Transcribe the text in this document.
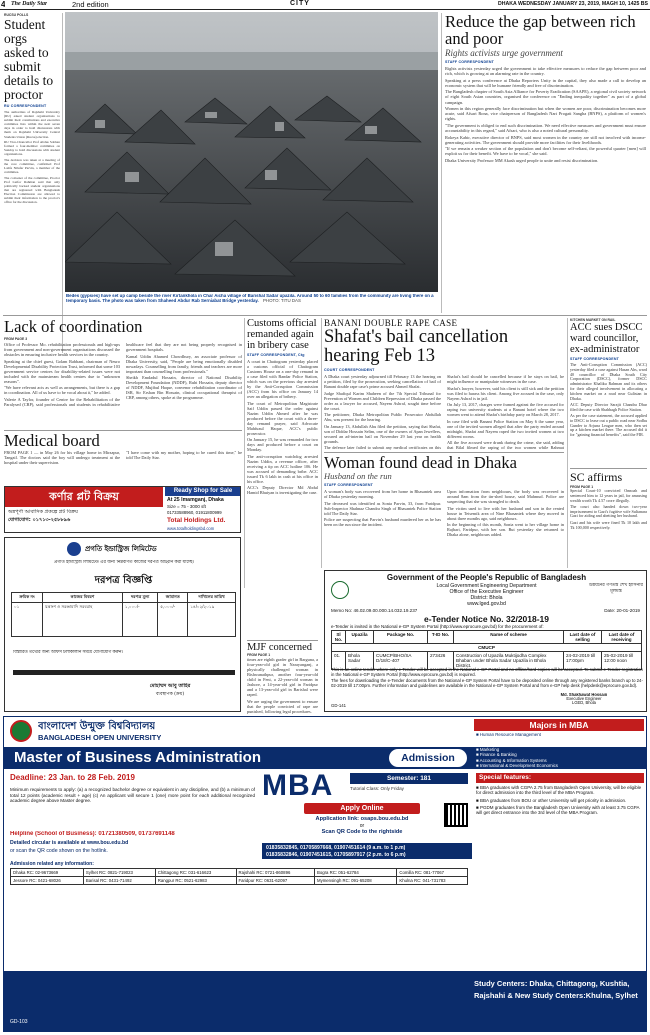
4 The Daily Star	2nd edition	CITY	DHAKA WEDNESDAY JANUARY 23, 2019, MAGH 10, 1425 BS
RUCSU POLLS
Student orgs asked to submit details to proctor
RU CORRESPONDENT

The authorities of Rajshahi University (RU) asked student organisations to submit their constitutions and executive committee lists within the next seven days in order to hold discussions with them on Rajshahi University Central Students Union (Rucsu) election.

RU Vice-Chancellor Prof Abdus Sobhan formed a four-member committee on Sunday to hold discussions with student organisations.

The decision was taken at a meeting of the core committee, confirmed Prof Latifa Nilufar Parvin, a member of the committee.

The convener of the committee, Proctor Prof Lutfor Rahman said that only politically backed student organisations that are registered with Bangladesh Election Commission are allowed to submit their information to the proctor's office for the discussion.

Bedes (gypsies) have set up camp beside the river Kirtankhola in Char Aicha village of Barishal Sadar upazila. Around 50 to 60 families from the community are living there on a temporary basis. The photo was taken from Shaheed Abdur Rab Serniabat Bridge yesterday. PHOTO: TITU DAS
Reduce the gap between rich and poor
Rights activists urge government
STAFF CORRESPONDENT

Rights activists yesterday urged the government to take effective measures to reduce the gap between poor and rich, which is growing at an alarming rate in the country.

Speaking at a press conference at Dhaka Reporters Unity in the capital, they also made a call to develop an economic system that will be humane friendly and free of discrimination.

The Bangladesh chapter of South Asia Alliance for Poverty Eradication (SAAPE), a regional civil society network of eight South Asian countries, organised the conference on "Ending inequality together" as part of a global campaign.

Women in this region generally face discrimination but when the women are poor, discrimination becomes more acute, said Afsari Rona, vice chairperson of Bangladesh Nari Progati Sangha (BNPS), a platform of women's rights.

"The government is obliged to end such discrimination. We need effective measures and government must ensure accountability in this regard," said Afsari, who is also a noted cultural personality.

Rokeya Kabir, executive director of BNPS, said most women in the country are still not involved with income-generating activities. The government should provide more facilities for their livelihoods.

"If we remain a weaker section of the population and don't become self-reliant, the powerful quarter [men] will exploit us for their benefit. We have to be vocal," she said.

Dhaka University Professor MM Akash urged people to unite and resist discrimination.

Lack of coordination
FROM PAGE 3

Office of Professor Mo. rehabilitation professionals and high-ups from government and non-government organisations discussed the obstacles in ensuring inclusive health services in the country.

Speaking at the chief guest, Golam Rabbani, chairman of Neuro Developmental Disability Protection Trust, informed that some 103 government service centres for disability-related issues were not included with the mainstream health centres due to "unknown reasons".

"We have relevant acts as well as arrangements, but there is a gap in coordination. All of us have to be vocal about it," he added.

Valerie A Taylor, founder of Centre for the Rehabilitation of the Paralysed (CRP), said professionals and students in rehabilitative healthcare feel that they are not being properly recognised in government hospitals.

Kamal Uddin Ahamed Chowdhury, an associate professor of Dhaka University, said, "People are being emotionally disabled nowadays. Counselling from family, friends and teachers are more important than counselling from professionals."

Sheikh Emdadul Hossain, director of National Disability Development Foundation (NDDF), Ruhi Hossain, deputy director of NDDF, Mujibul Haque, convenor rehabilitation coordinator of ISR, Sir Ershan Bin Hossain, clinical occupational therapist of CRP, among others, spoke at the programme.

Medical board

FROM PAGE 1 — in May 26 for his village home in Mirzapur, Tangail. The doctors said the boy will undergo treatment at the hospital under their supervision.

"I have come with my mother, hoping to be cured this time," he told The Daily Star.

Customs official remanded again in bribery case
STAFF CORRESPONDENT, Ctg

A court in Chattogram yesterday placed a customs official of Chattogram Customs House on a one-day remand in a case filed with Bandar Police Station, which was on the previous day arrested by the Anti-Corruption Commission (ACC) from his office on January 14 over an allegation of bribery.

The court of Metropolitan Magistrate Saif Uddin passed the order against Nazim Uddin Ahmed after he was produced before the court with a three-day remand prayer, said Advocate Mahfuzul Haque, ACC's public prosecutor.

On January 15, he was remanded for two days and produced before a court on Monday.

The anti-corruption watchdog arrested Nazim Uddin, a revenue officer, after receiving a tip on ACC hotline 106. He was accused of demanding bribe. ACC issued Tk 6 lakh in cash at his office in his office.

ACC's Deputy Director Md Abdul Hamid Bhuiyan is investigating the case.

MJF concerned
FROM PAGE 1

times are eighth grader girl in Barguna, a four-year-old girl in Narayanganj, a physically challenged woman in Bishwanathpur, another four-year-old child in Feni, a 22-year-old woman in Jashore, a 14-year-old girl in Faridpur and a 13-year-old girl in Barishal were raped.

We are urging the government to ensure that the people convicted of rape are punished, following legal procedures.

BANANI DOUBLE RAPE CASE
Shafat's bail cancellation hearing Feb 13
COURT CORRESPONDENT

A Dhaka court yesterday adjourned till February 13 the hearing on a petition, filed by the prosecution, seeking cancellation of bail of Banani double rape case's prime accused Ahmed Shafat.

Judge Shafiqul Karim Shaheen of the 7th Special Tribunal for Prevention of Women and Children Repression of Dhaka passed the order as a lawyer for accused, Nayem Ashraf, sought time before the court.

The petitioner, Dhaka Metropolitan Public Prosecutor Abdullah Abu, was present for the hearing.

On January 13, Abdullah Abu filed the petition, saying that Shafat, son of Diddar Hossain Selim, one of the owners of Apan Jewellers, secured an ad-interim bail on November 29 last year on health grounds.

The defence later failed to submit any medical certificates on this Shafat's bail should be cancelled because if he stays on bail, he might influence or manipulate witnesses in the case.

Shafat's lawyer, however, said his client is still sick and the petition was filed to harass his client. Among five accused in the case, only Nayem Ashraf is in jail.

On July 13, 2017, charges were framed against the five accused for raping two university students at a Banani hotel where the two women went to attend Shafat's birthday party on March 28, 2017.

In case filed with Banani Police Station on May 6 the same year, one of the invited women alleged that after the party ended around midnight, Shafat and Nayem raped the two invited women at two different rooms.

All the five accused were drunk during the crime, she said, adding that Bilal filmed the raping of the two women while Rahmat

Woman found dead in Dhaka
Husband on the run
STAFF CORRESPONDENT

A woman's body was recovered from her home in Bhasantek area of Dhaka yesterday morning.

The deceased was identified as Sonia Parvin, 33, from Faridpur. Sub-Inspector Shahnaz Chandra Singh of Bhasantek Police Station told The Daily Star.

Police are suspecting that Parvin's husband murdered her as he has been on the run since the incident.

Upon information from neighbours, the body was recovered in around 8am from the tin-shed house, said Mahmud. Police are suspecting that she was strangled to death.

The victim used to live with her husband and son in the rented house in Teisemik area of Nine Bhasantek where they moved in about three months ago, said neighbours.

In the beginning of this month, Sonia went to her village home in Rajbari, Faridpur, with her son. But yesterday she returned to Dhaka alone, neighbours added.

KITCHEN MARKET ON RAIL
ACC sues DSCC ward councillor, ex-administrator
STAFF CORRESPONDENT

The Anti-Corruption Commission (ACC) yesterday filed a case against Hasan Ahs, ward 40 councillor of Dhaka South City Corporation (DSCC), former DSCC administrator Khaliku Rahman and its others for their alleged involvement in allocating a kitchen market on a road near Gulistan in Dhaka.

ACC Deputy Director Sarajit Chandra Dhar filed the case with Shahbagh Police Station.

As per the case statement, the accused applied to DSCC to lease out a public road near Sodhu Gunder to Arjuna League men, who then set up a kitchen market there. The accused did it for "gaining financial benefits", said the FIR.

SC affirms
FROM PAGE 1

Special Court-10 convicted Onnoah and sentenced him to 12 years in jail, for amassing wealth worth Tk 4.57 crore illegally.

The court also handed down two-year imprisonment to Gazi's fugitive wife Sultanara Gazi for aiding and abetting her husband.

Gazi and his wife were fined Tk 10 lakh and Tk 100,000 respectively.

কর্ণার প্লট বিক্রয়
অন্নপূর্ণা আবাসিক প্রকল্পে প্লট বিক্রয়
যোগাযোগ: ০১৭১৩-২৫৮৮৯৬
Ready Shop for Sale
At 25 Imamganj, Dhaka
Size = 75 - 3000 sft
01733588960, 01911800999
Total Holdings Ltd.
www.totalholdingsbd.com
প্রগতি ইন্ডাস্ট্রিজ লিমিটেড
প্রগতি ইন্ডাস্ট্রিজ লিমিটেড এর জন্য নিম্নবর্ণিত কাজের দরপত্র আহ্বান করা যাচ্ছে।
দরপত্র বিজ্ঞপ্তি
ক্রমিক নং	কাজের বিবরণ	দরপত্র মূল্য	জামানত	দাখিলের তারিখ
০১	যন্ত্রাংশ ও সরঞ্জামাদি সরবরাহ	১,০০০/-	৫,০০০/-	১৪/০২/২০১৯
বিস্তারিত তথ্যের জন্য অফিস চলাকালীন সময়ে যোগাযোগ করুন।
মোহাম্মদ আবু তাহির
ব্যবস্থাপক (ক্রয়)
Government of the People's Republic of Bangladesh
Local Government Engineering Department
Office of the Executive Engineer
District: Bhola
www.lged.gov.bd
উন্নয়নের গণতন্ত্র শেখ হাসিনার মূলমন্ত্র
Memo No: 46.02.09.00.000.14.032.19.237	Date: 20-01-2019
e-Tender Notice No. 32/2018-19
e-Tender is invited in the National e-GP System Portal (http://www.eprocure.gov.bd) for the procurement of:
Sl No.	Upazila	Package No.	T-ID No.	Name of scheme	Last date of selling	Last date of receiving
CMUCP						
01.	Bhola Sadar	CUMCP/BHO/SA D/18/C-407	273426	Construction of Upazila Muktijodha Complex Bhaban under Bhola Sadar Upazila in Bhola District.	24-02-2019 till 17:00pm	25-02-2019 till 12:00 noon
This is an online tender where only e-Tender will be accepted in the National e-GP Portal and no offline/hard copies will be accepted. To submit e-Tender registration in the National e-GP System Portal (http://www.eprocure.gov.bd) is required.
The fees for downloading the e-Tender documents from the National e-GP System Portal have to be deposited online through any registered banks branch up to 24-02-2019 till 17:00pm. Further information and guidelines are available in the National e-GP System Portal and from e-GP help desk (helpdesk@eprocure.gov.bd).
GD-141
Md. Shakhawat Hossain
Executive Engineer
LGED, Bhola
বাংলাদেশ উন্মুক্ত বিশ্ববিদ্যালয়
BANGLADESH OPEN UNIVERSITY
Majors in MBA
■ Human Resource Management
Master of Business Administration	Admission
■ Marketing
■ Finance & Banking
■ Accounting & Information Systems
■ International & Development Economics
Deadline: 23 Jan. to 28 Feb. 2019	MBA	Semester: 181
Tutorial Class: Only Friday
Apply Online
Application link: osaps.bou.edu.bd
or
Scan QR Code to the rightside
Minimum requirements to apply: (a) a recognized bachelor degree or equivalent in any discipline, and (b) a minimum of total 12 points (academic result + age) (c) An applicant will secure 1 (one) more point for each additional recognized academic degree above Master degree.
Helpline (School of Business): 01721380509, 01737691148
Detailed circular is available at www.bou.edu.bd
or scan the QR code shown on the hotlink.
Special features:
■ BBA graduates with CGPA 2.75 from Bangladesh Open University, will be eligible for direct admission into the third level of the MBA Program.
■ BBA graduates from BOU or other University will get priority in admission.
■ PGDM graduates from the Bangladesh Open University with at least 3.75 CGPA will get direct entrance into the 3rd level of the MBA Program.
01835832845, 01705897668, 01907451614 (9 a.m. to 1 p.m)
01835832846, 01907451615, 01705897917 (2 p.m. to 6 p.m)
Admission related any information:
Dhaka RC: 02-9673669	Sylhet RC: 0821-719023	Chittagong RC: 031-616623	Rajshahi RC: 0721-860896	Bogra RC: 051-62784	Comilla RC: 081-77067
Jessore RC: 0421-68026	Barisal RC: 0431-71492	Rangpur RC: 0521-62983	Faridpur RC: 0631-62097	Mymensingh RC: 091-65208	Khulna RC: 041-731783
Study Centers: Dhaka, Chittagong, Kushtia,
Rajshahi & New Study Centers:Khulna, Sylhet
GD-103
